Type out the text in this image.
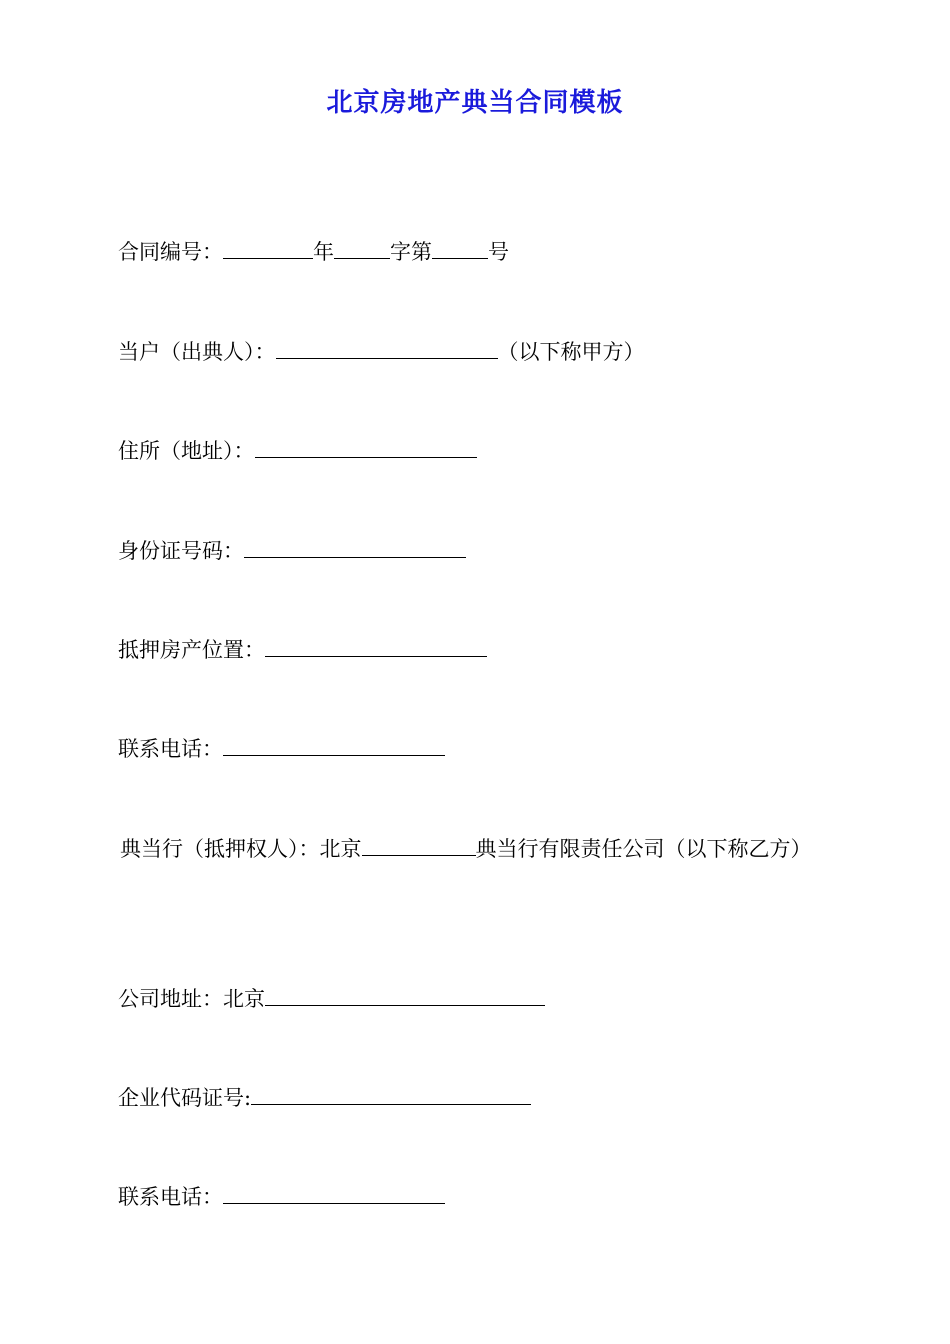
北京房地产典当合同模板
合同编号：	年	字第	号
当户（出典人）：	（以下称甲方）
住所（地址）：
身份证号码：
抵押房产位置：
联系电话：
典当行（抵押权人）：北京	典当行有限责任公司（以下称乙方）
公司地址：北京
企业代码证号:
联系电话：
